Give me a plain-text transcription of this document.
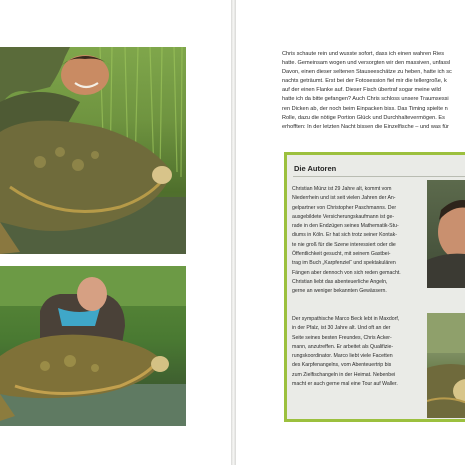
Chris schaute rein und wusste sofort, dass ich einen wahren Ries

hatte. Gemeinsam wogen und versorgten wir den massiven, unfassl

Davon, einen dieser seltenen Stauseeschätze zu heben, hatte ich sc

nachts geträumt. Erst bei der Fotosession fiel mir die tellergroße, k

auf der einen Flanke auf. Dieser Fisch übertraf sogar meine wild

hatte ich da bitte gefangen? Auch Chris schloss unsere Traumsessi

ren Dicken ab, der noch beim Einpacken biss. Das Timing spielte n

Rolle, dazu die nötige Portion Glück und Durchhaltevermögen. Es

erhofften: In der letzten Nacht bissen die Einzelfische – und was für

Die Autoren

Christian Münz ist 29 Jahre alt, kommt vom

Niederrhein und ist seit vielen Jahren der An-

gelpartner von Christopher Paschmanns. Der

ausgebildete Versicherungskaufmann ist ge-

rade in den Endzügen seines Mathematik-Stu-

diums in Köln. Er hat sich trotz seiner Kontak-

te nie groß für die Szene interessiert oder die

Öffentlichkeit gesucht, mit seinem Gastbei-

trag im Buch „Karpfenziel“ und spektakulären

Fängen aber dennoch von sich reden gemacht.

Christian liebt das abenteuerliche Angeln,

gerne an weniger bekannten Gewässern.

Der sympathische Marco Beck lebt in Maxdorf,

in der Pfalz, ist 30 Jahre alt. Und oft an der

Seite seines besten Freundes, Chris Acker-

mann, anzutreffen. Er arbeitet als Qualifizie-

rungskoordinator. Marco liebt viele Facetten

des Karpfenangelns, vom Abenteuertrip bis

zum Zielfischangeln in der Heimat. Nebenbei

macht er auch gerne mal eine Tour auf Waller.
